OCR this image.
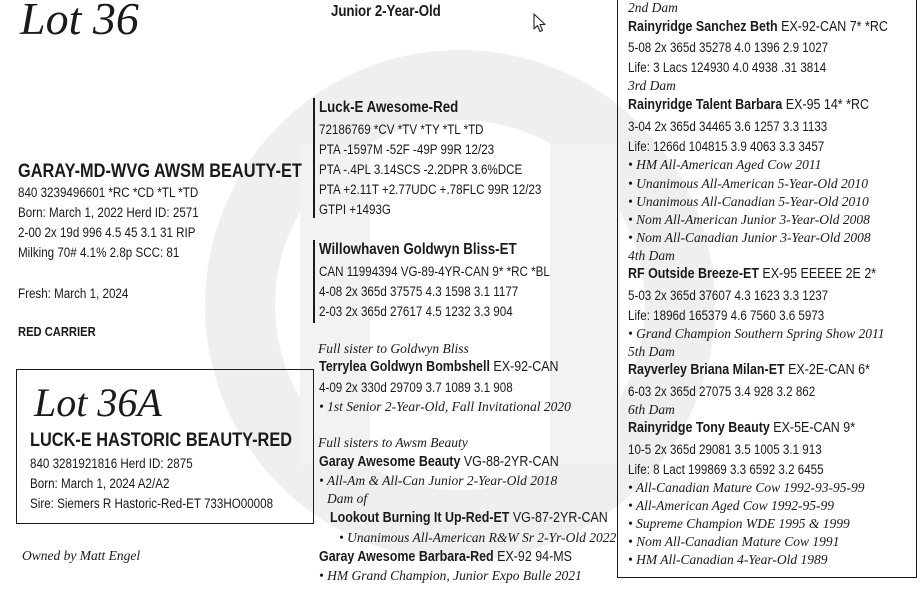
Lot 36	Junior 2-Year-Old
GARAY-MD-WVG AWSM BEAUTY-ET
840 3239496601 *RC *CD *TL *TD
Born: March 1, 2022 Herd ID: 2571
2-00 2x 19d 996 4.5 45 3.1 31 RIP
Milking 70# 4.1% 2.8p SCC: 81
Fresh: March 1, 2024
RED CARRIER
Lot 36A
LUCK-E HASTORIC BEAUTY-RED
840 3281921816 Herd ID: 2875
Born: March 1, 2024 A2/A2
Sire: Siemers R Hastoric-Red-ET 733HO00008
Owned by Matt Engel
Luck-E Awesome-Red
72186769 *CV *TV *TY *TL *TD
PTA -1597M -52F -49P 99R 12/23
PTA -.4PL 3.14SCS -2.2DPR 3.6%DCE
PTA +2.11T +2.77UDC +.78FLC 99R 12/23
GTPI +1493G
Willowhaven Goldwyn Bliss-ET
CAN 11994394 VG-89-4YR-CAN 9* *RC *BL
4-08 2x 365d 37575 4.3 1598 3.1 1177
2-03 2x 365d 27617 4.5 1232 3.3 904
Full sister to Goldwyn Bliss
Terrylea Goldwyn Bombshell EX-92-CAN
4-09 2x 330d 29709 3.7 1089 3.1 908
• 1st Senior 2-Year-Old, Fall Invitational 2020
Full sisters to Awsm Beauty
Garay Awesome Beauty VG-88-2YR-CAN
• All-Am & All-Can Junior 2-Year-Old 2018
Dam of
Lookout Burning It Up-Red-ET VG-87-2YR-CAN
• Unanimous All-American R&W Sr 2-Yr-Old 2022
Garay Awesome Barbara-Red EX-92 94-MS
• HM Grand Champion, Junior Expo Bulle 2021
2nd Dam
Rainyridge Sanchez Beth EX-92-CAN 7* *RC
5-08 2x 365d 35278 4.0 1396 2.9 1027
Life: 3 Lacs 124930 4.0 4938 .31 3814
3rd Dam
Rainyridge Talent Barbara EX-95 14* *RC
3-04 2x 365d 34465 3.6 1257 3.3 1133
Life: 1266d 104815 3.9 4063 3.3 3457
• HM All-American Aged Cow 2011
• Unanimous All-American 5-Year-Old 2010
• Unanimous All-Canadian 5-Year-Old 2010
• Nom All-American Junior 3-Year-Old 2008
• Nom All-Canadian Junior 3-Year-Old 2008
4th Dam
RF Outside Breeze-ET EX-95 EEEEE 2E 2*
5-03 2x 365d 37607 4.3 1623 3.3 1237
Life: 1896d 165379 4.6 7560 3.6 5973
• Grand Champion Southern Spring Show 2011
5th Dam
Rayverley Briana Milan-ET EX-2E-CAN 6*
6-03 2x 365d 27075 3.4 928 3.2 862
6th Dam
Rainyridge Tony Beauty EX-5E-CAN 9*
10-5 2x 365d 29081 3.5 1005 3.1 913
Life: 8 Lact 199869 3.3 6592 3.2 6455
• All-Canadian Mature Cow 1992-93-95-99
• All-American Aged Cow 1992-95-99
• Supreme Champion WDE 1995 & 1999
• Nom All-Canadian Mature Cow 1991
• HM All-Canadian 4-Year-Old 1989
